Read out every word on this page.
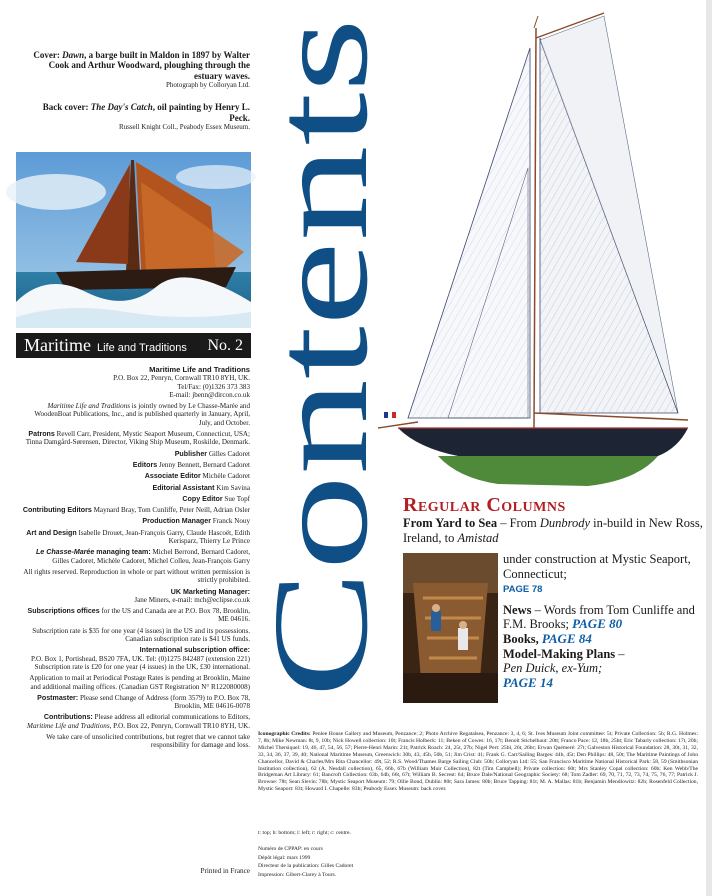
Cover: Dawn, a barge built in Maldon in 1897 by Walter Cook and Arthur Woodward, ploughing through the estuary waves.
Photograph by Colloryan Ltd.
Back cover: The Day's Catch, oil painting by Henry L. Peck.
Russell Knight Coll., Peabody Essex Museum.
Maritime Life and Traditions No. 2

Maritime Life and Traditions
P.O. Box 22, Penryn, Cornwall TR10 8YH, UK.
Tel/Fax: (0)1326 373 383
E-mail: jbenn@dircon.co.uk

Maritime Life and Traditions is jointly owned by Le Chasse-Marée and WoodenBoat Publications, Inc., and is published quarterly in January, April, July, and October.

Patrons Revell Carr, President, Mystic Seaport Museum, Connecticut, USA; Tinna Damgård-Sørensen, Director, Viking Ship Museum, Roskilde, Denmark.

Publisher Gilles Cadoret

Editors Jenny Bennett, Bernard Cadoret

Associate Editor Michèle Cadoret

Editorial Assistant Kim Savina

Copy Editor Sue Topf

Contributing Editors Maynard Bray, Tom Cunliffe, Peter Neill, Adrian Osler

Production Manager Franck Nouy

Art and Design Isabelle Drouet, Jean-François Garry, Claude Hascoët, Edith Kerisparz, Thierry Le Prince

Le Chasse-Marée managing team: Michel Berrond, Bernard Cadoret, Gilles Cadoret, Michèle Cadoret, Michel Colleu, Jean-François Garry

All rights reserved. Reproduction in whole or part without written permission is strictly prohibited.

UK Marketing Manager:
Jane Miners, e-mail: mch@eclipse.co.uk

Subscriptions offices for the US and Canada are at P.O. Box 78, Brooklin, ME 04616.

Subscription rate is $35 for one year (4 issues) in the US and its possessions. Canadian subscription rate is $41 US funds.

International subscription office:
P.O. Box 1, Portishead, BS20 7FA, UK. Tel: (0)1275 842487 (extension 221) Subscription rate is £20 for one year (4 issues) in the UK, £30 international.

Application to mail at Periodical Postage Rates is pending at Brooklin, Maine and additional mailing offices. (Canadian GST Registration N° R122080008)

Postmaster: Please send Change of Address (form 3579) to P.O. Box 78, Brooklin, ME 04616-0078

Contributions: Please address all editorial communications to Editors, Maritime Life and Traditions, P.O. Box 22, Penryn, Cornwall TR10 8YH, UK.

We take care of unsolicited contributions, but regret that we cannot take responsibility for damage and loss.

Printed in France
Contents Regular Columns
From Yard to Sea – From Dunbrody in-build in New Ross, Ireland, to Amistad
under construction at Mystic Seaport, Connecticut;
PAGE 78
News – Words from Tom Cunliffe and F.M. Brooks; PAGE 80
Books, PAGE 84
Model-Making Plans –
Pen Duick, ex-Yum;
PAGE 14
Iconographic Credits: Penlee House Gallery and Museum, Penzance: 2; Photo Archive Regatalsea, Penzance: 3, 4, 6; St. Ives Museum Joint committee: 5t; Private Collection: 5b; R.G. Holmes: 7, 8b; Mike Newman: 8t, 9, 10b; Nick Howell collection: 10t; Francis Holbeck: 11; Beken of Cowes: 16, 17t; Benoît Stichelbaut: 20tt; Franco Pace: 12, 18b, 25bt; Eric Tabarly collection: 17t, 20b; Michel Thersiquel: 19, 46, 47, 54, 56, 57; Pierre-Henri Marin: 21t; Patrick Roach: 24, 25t, 27b; Nigel Pert: 25bl, 26t, 26br; Erwan Quémeré: 27t; Galveston Historical Foundation: 28, 30t, 31, 32, 33, 34, 36, 37, 39, 40; National Maritime Museum, Greenwich: 30b, 43, 45b, 50b, 51; Jim Crist: 41; Frank G. Carr/Sailing Barges: 44b, 45t; Den Phillips: 48, 50t; The Maritime Paintings of John Chancellor, David & Charles/Mrs Rita Chancellor: 49t, 52; R.S. Wood/Thames Barge Sailing Club: 50b; Colloryan Ltd: 55; San Francisco Maritime National Historical Park: 58, 59 (Smithsonian Institution collection), 62 (A. Nesdall collection), 65, 66b, 67b (William Muir Collection), 82t (Tim Campbell); Private collection: 60t; Mrs Stanley Copal collection: 60b; Ken Webb/The Bridgeman Art Library: 61; Bancroft Collection: 63b, 64b, 66t, 67t; William B. Secrest: 64; Bruce Dale/National Geographic Society: 68; Tom Zadler: 69, 70, 71, 72, 73, 74, 75, 76, 77; Patrick J. Browne: 78t; Sean Slevin: 78b; Mystic Seaport Museum: 79; Ollie Bond, Dublin: 80t; Sara James: 80b; Bruce Tapping: 81t; M. A. Mallas: 81b; Benjamin Mendlowitz: 82b; Rosenfeld Collection, Mystic Seaport: 83t; Howard I. Chapelle: 83b; Peabody Essex Museum: back cover.
t: top; b: bottom; l: left; r: right; c: centre.
Numéro de CPPAP: en cours
Dépôt légal: mars 1999
Directeur de la publication: Gilles Cadoret
Impression: Gibert-Clarey à Tours.
